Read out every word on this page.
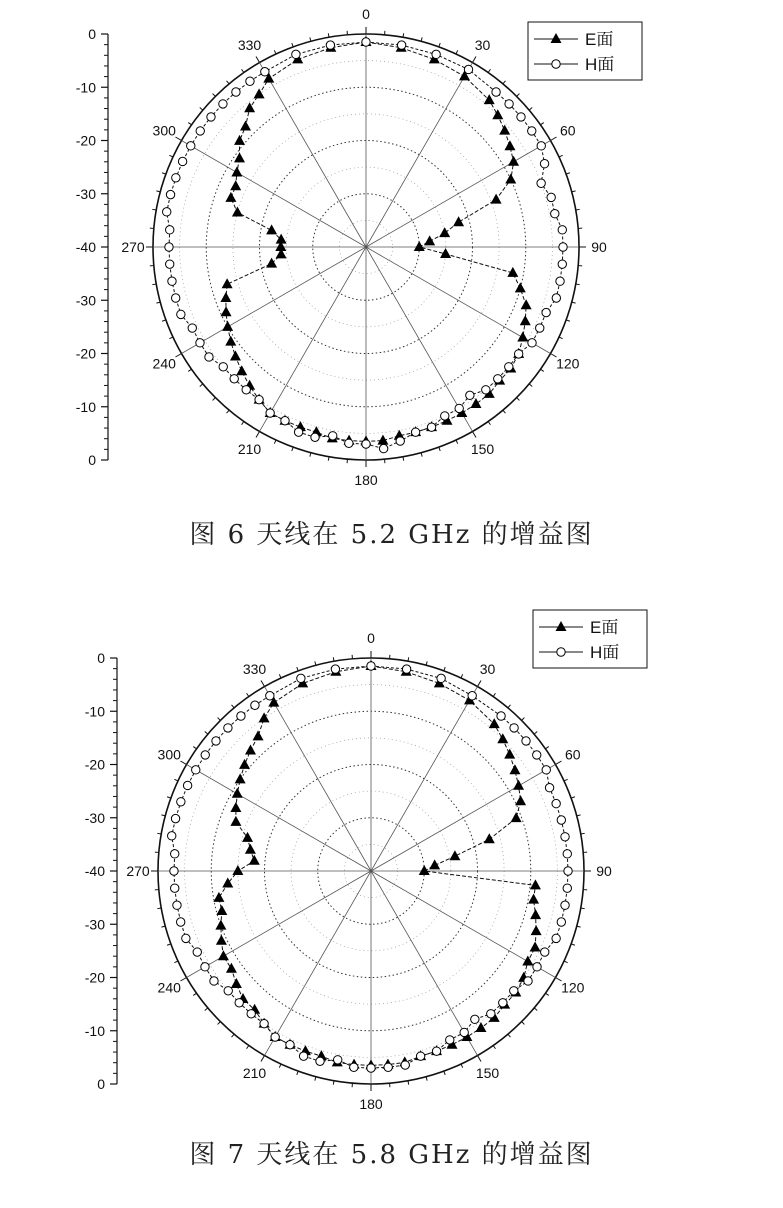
0
30
60
90
120
150
180
210
240
270
300
330
0
-10
-20
-30
-40
-30
-20
-10
0
E面
H面
图 6 天线在 5.2 GHz 的增益图
0
30
60
90
120
150
180
210
240
270
300
330
0
-10
-20
-30
-40
-30
-20
-10
0
E面
H面
图 7 天线在 5.8 GHz 的增益图
